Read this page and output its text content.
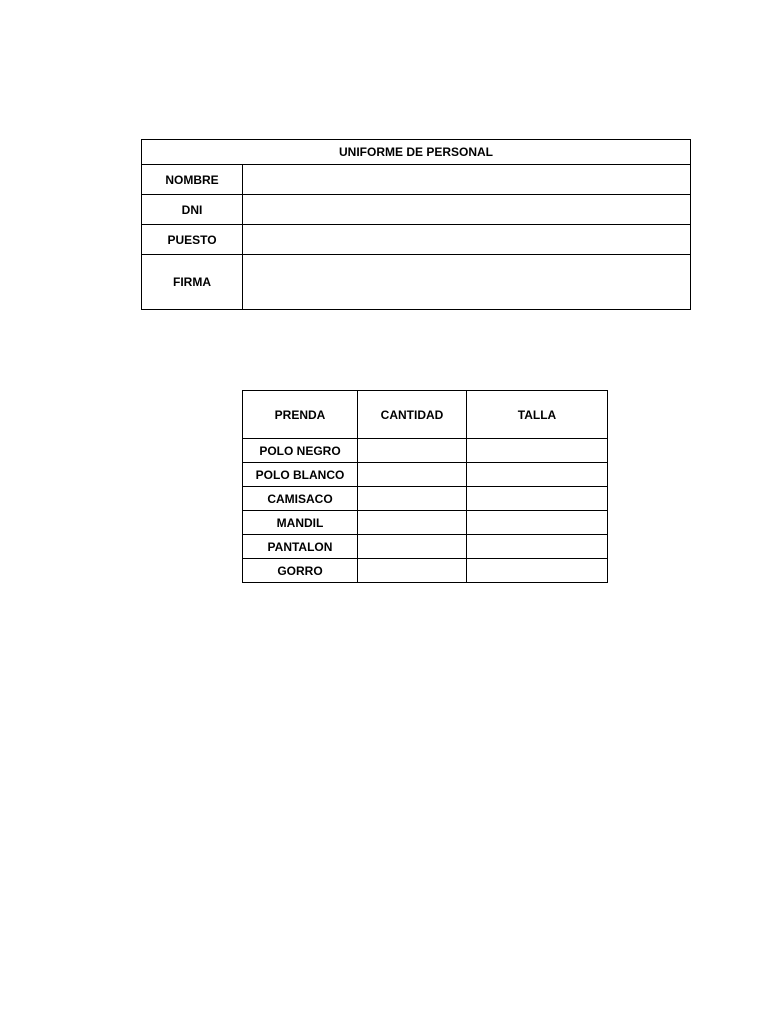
UNIFORME DE PERSONAL	
NOMBRE	
DNI	
PUESTO	
FIRMA	
PRENDA	CANTIDAD	TALLA
POLO NEGRO		
POLO BLANCO		
CAMISACO		
MANDIL		
PANTALON		
GORRO		
